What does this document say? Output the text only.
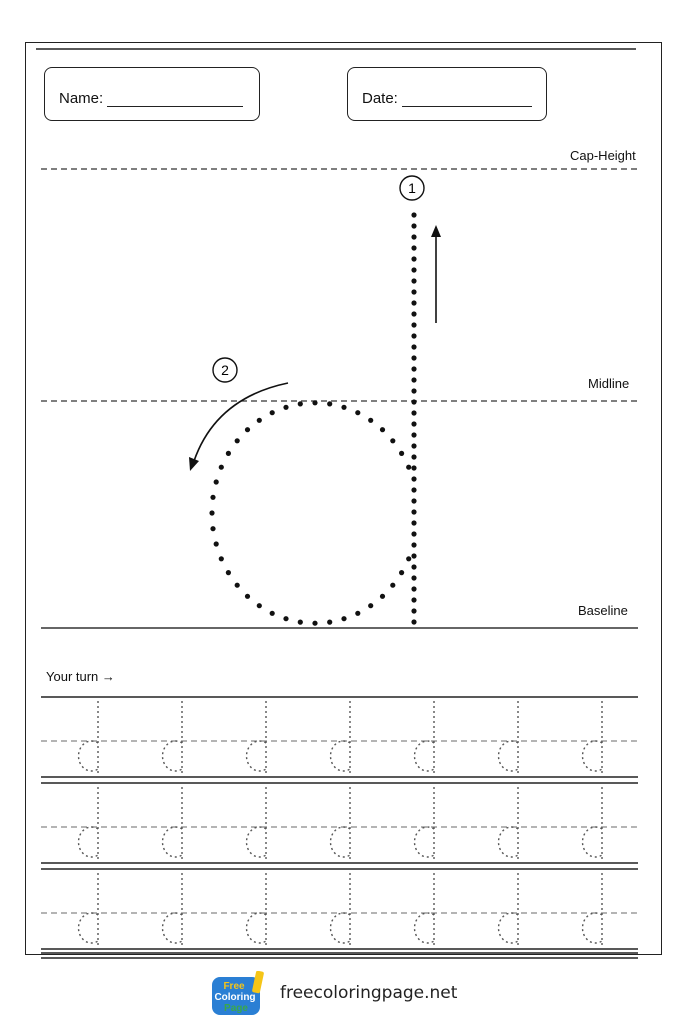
Name:	Date:
Cap-Height
Midline
Baseline
1
2
Your turn →
Free
Coloring
Page
freecoloringpage.net
